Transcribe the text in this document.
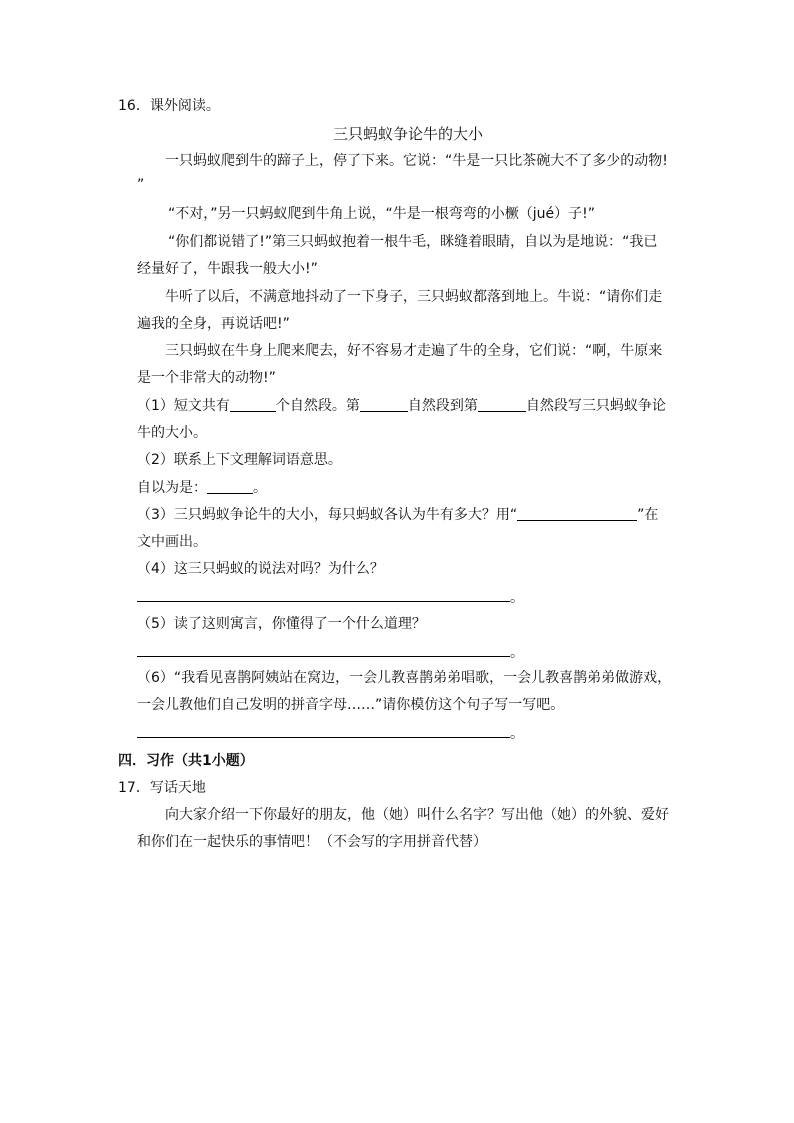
16．课外阅读。
三只蚂蚁争论牛的大小
一只蚂蚁爬到牛的蹄子上，停了下来。它说：“牛是一只比茶碗大不了多少的动物!
”
“不对，”另一只蚂蚁爬到牛角上说，“牛是一根弯弯的小橛（jué）子!”
“你们都说错了!”第三只蚂蚁抱着一根牛毛，眯缝着眼睛，自以为是地说：“我已
经量好了，牛跟我一般大小!”
牛听了以后，不满意地抖动了一下身子，三只蚂蚁都落到地上。牛说：“请你们走
遍我的全身，再说话吧!”
三只蚂蚁在牛身上爬来爬去，好不容易才走遍了牛的全身，它们说：“啊，牛原来
是一个非常大的动物!”
（1）短文共有	个自然段。第	自然段到第	自然段写三只蚂蚁争论
牛的大小。
（2）联系上下文理解词语意思。
自以为是：	。
（3）三只蚂蚁争论牛的大小，每只蚂蚁各认为牛有多大？用“	”在
文中画出。
（4）这三只蚂蚁的说法对吗？为什么？
。
（5）读了这则寓言，你懂得了一个什么道理？
。
（6）“我看见喜鹊阿姨站在窝边，一会儿教喜鹊弟弟唱歌，一会儿教喜鹊弟弟做游戏，
一会儿教他们自己发明的拼音字母……”请你模仿这个句子写一写吧。
。
四．习作（共1小题）
17．写话天地
向大家介绍一下你最好的朋友，他（她）叫什么名字？写出他（她）的外貌、爱好
和你们在一起快乐的事情吧！（不会写的字用拼音代替）
